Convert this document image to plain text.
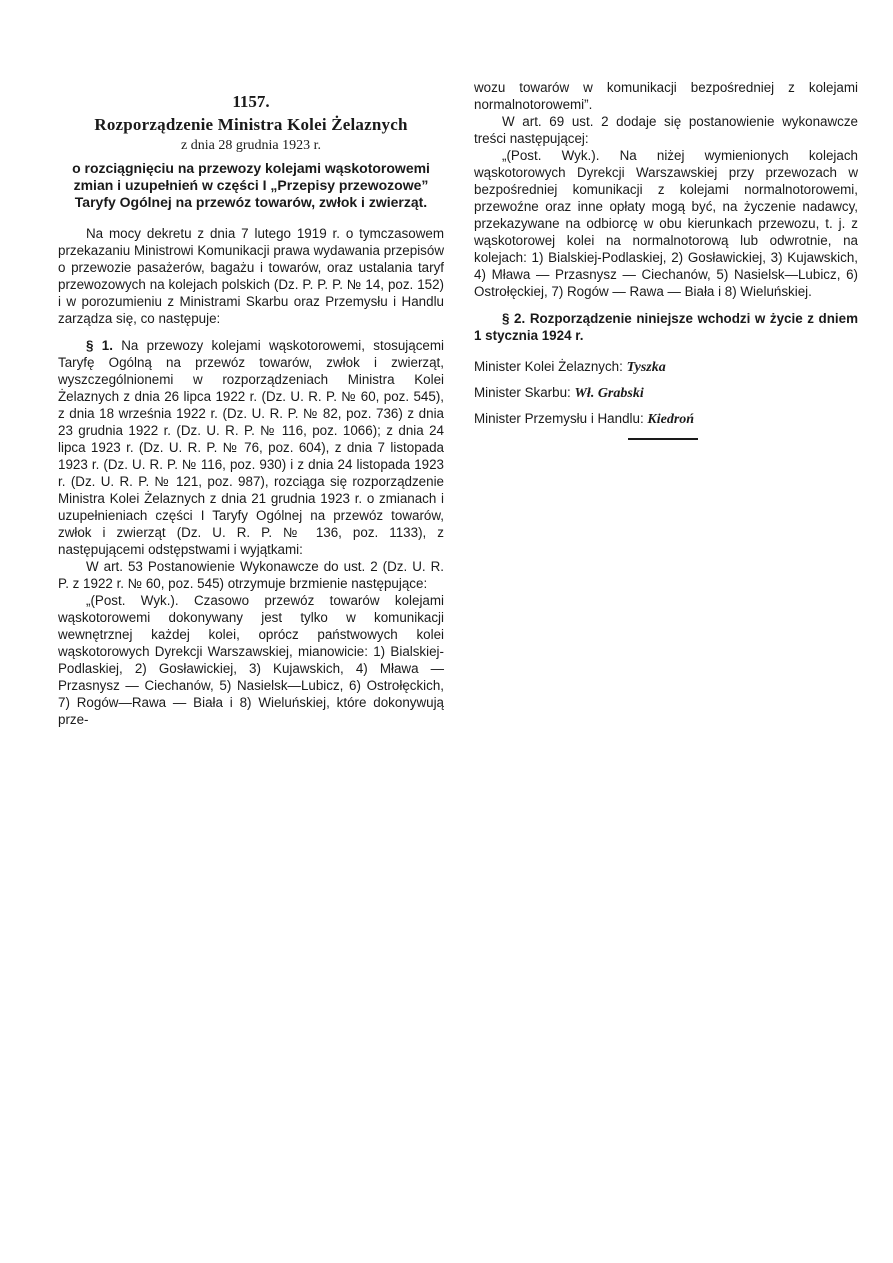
1157.
Rozporządzenie Ministra Kolei Żelaznych
z dnia 28 grudnia 1923 r.
o rozciągnięciu na przewozy kolejami wąskotorowemi zmian i uzupełnień w części I „Przepisy przewozowe” Taryfy Ogólnej na przewóz towarów, zwłok i zwierząt.

Na mocy dekretu z dnia 7 lutego 1919 r. o tymczasowem przekazaniu Ministrowi Komunikacji prawa wydawania przepisów o przewozie pasażerów, bagażu i towarów, oraz ustalania taryf przewozowych na kolejach polskich (Dz. P. P. P. № 14, poz. 152) i w porozumieniu z Ministrami Skarbu oraz Przemysłu i Handlu zarządza się, co następuje:

§ 1. Na przewozy kolejami wąskotorowemi, stosującemi Taryfę Ogólną na przewóz towarów, zwłok i zwierząt, wyszczególnionemi w rozporządzeniach Ministra Kolei Żelaznych z dnia 26 lipca 1922 r. (Dz. U. R. P. № 60, poz. 545), z dnia 18 września 1922 r. (Dz. U. R. P. № 82, poz. 736) z dnia 23 grudnia 1922 r. (Dz. U. R. P. № 116, poz. 1066); z dnia 24 lipca 1923 r. (Dz. U. R. P. № 76, poz. 604), z dnia 7 listopada 1923 r. (Dz. U. R. P. № 116, poz. 930) i z dnia 24 listopada 1923 r. (Dz. U. R. P. № 121, poz. 987), rozciąga się rozporządzenie Ministra Kolei Żelaznych z dnia 21 grudnia 1923 r. o zmianach i uzupełnieniach części I Taryfy Ogólnej na przewóz towarów, zwłok i zwierząt (Dz. U. R. P. № 136, poz. 1133), z następującemi odstępstwami i wyjątkami:

W art. 53 Postanowienie Wykonawcze do ust. 2 (Dz. U. R. P. z 1922 r. № 60, poz. 545) otrzymuje brzmienie następujące:

„(Post. Wyk.). Czasowo przewóz towarów kolejami wąskotorowemi dokonywany jest tylko w komunikacji wewnętrznej każdej kolei, oprócz państwowych kolei wąskotorowych Dyrekcji Warszawskiej, mianowicie: 1) Bialskiej-Podlaskiej, 2) Gosławickiej, 3) Kujawskich, 4) Mława — Przasnysz — Ciechanów, 5) Nasielsk—Lubicz, 6) Ostrołęckich, 7) Rogów—Rawa — Biała i 8) Wieluńskiej, które dokonywują prze-

wozu towarów w komunikacji bezpośredniej z kolejami normalnotorowemi”.

W art. 69 ust. 2 dodaje się postanowienie wykonawcze treści następującej:

„(Post. Wyk.). Na niżej wymienionych kolejach wąskotorowych Dyrekcji Warszawskiej przy przewozach w bezpośredniej komunikacji z kolejami normalnotorowemi, przewoźne oraz inne opłaty mogą być, na życzenie nadawcy, przekazywane na odbiorcę w obu kierunkach przewozu, t. j. z wąskotorowej kolei na normalnotorową lub odwrotnie, na kolejach: 1) Bialskiej-Podlaskiej, 2) Gosławickiej, 3) Kujawskich, 4) Mława — Przasnysz — Ciechanów, 5) Nasielsk—Lubicz, 6) Ostrołęckiej, 7) Rogów — Rawa — Biała i 8) Wieluńskiej.

§ 2. Rozporządzenie niniejsze wchodzi w życie z dniem 1 stycznia 1924 r.

Minister Kolei Żelaznych: Tyszka
Minister Skarbu: Wł. Grabski
Minister Przemysłu i Handlu: Kiedroń
